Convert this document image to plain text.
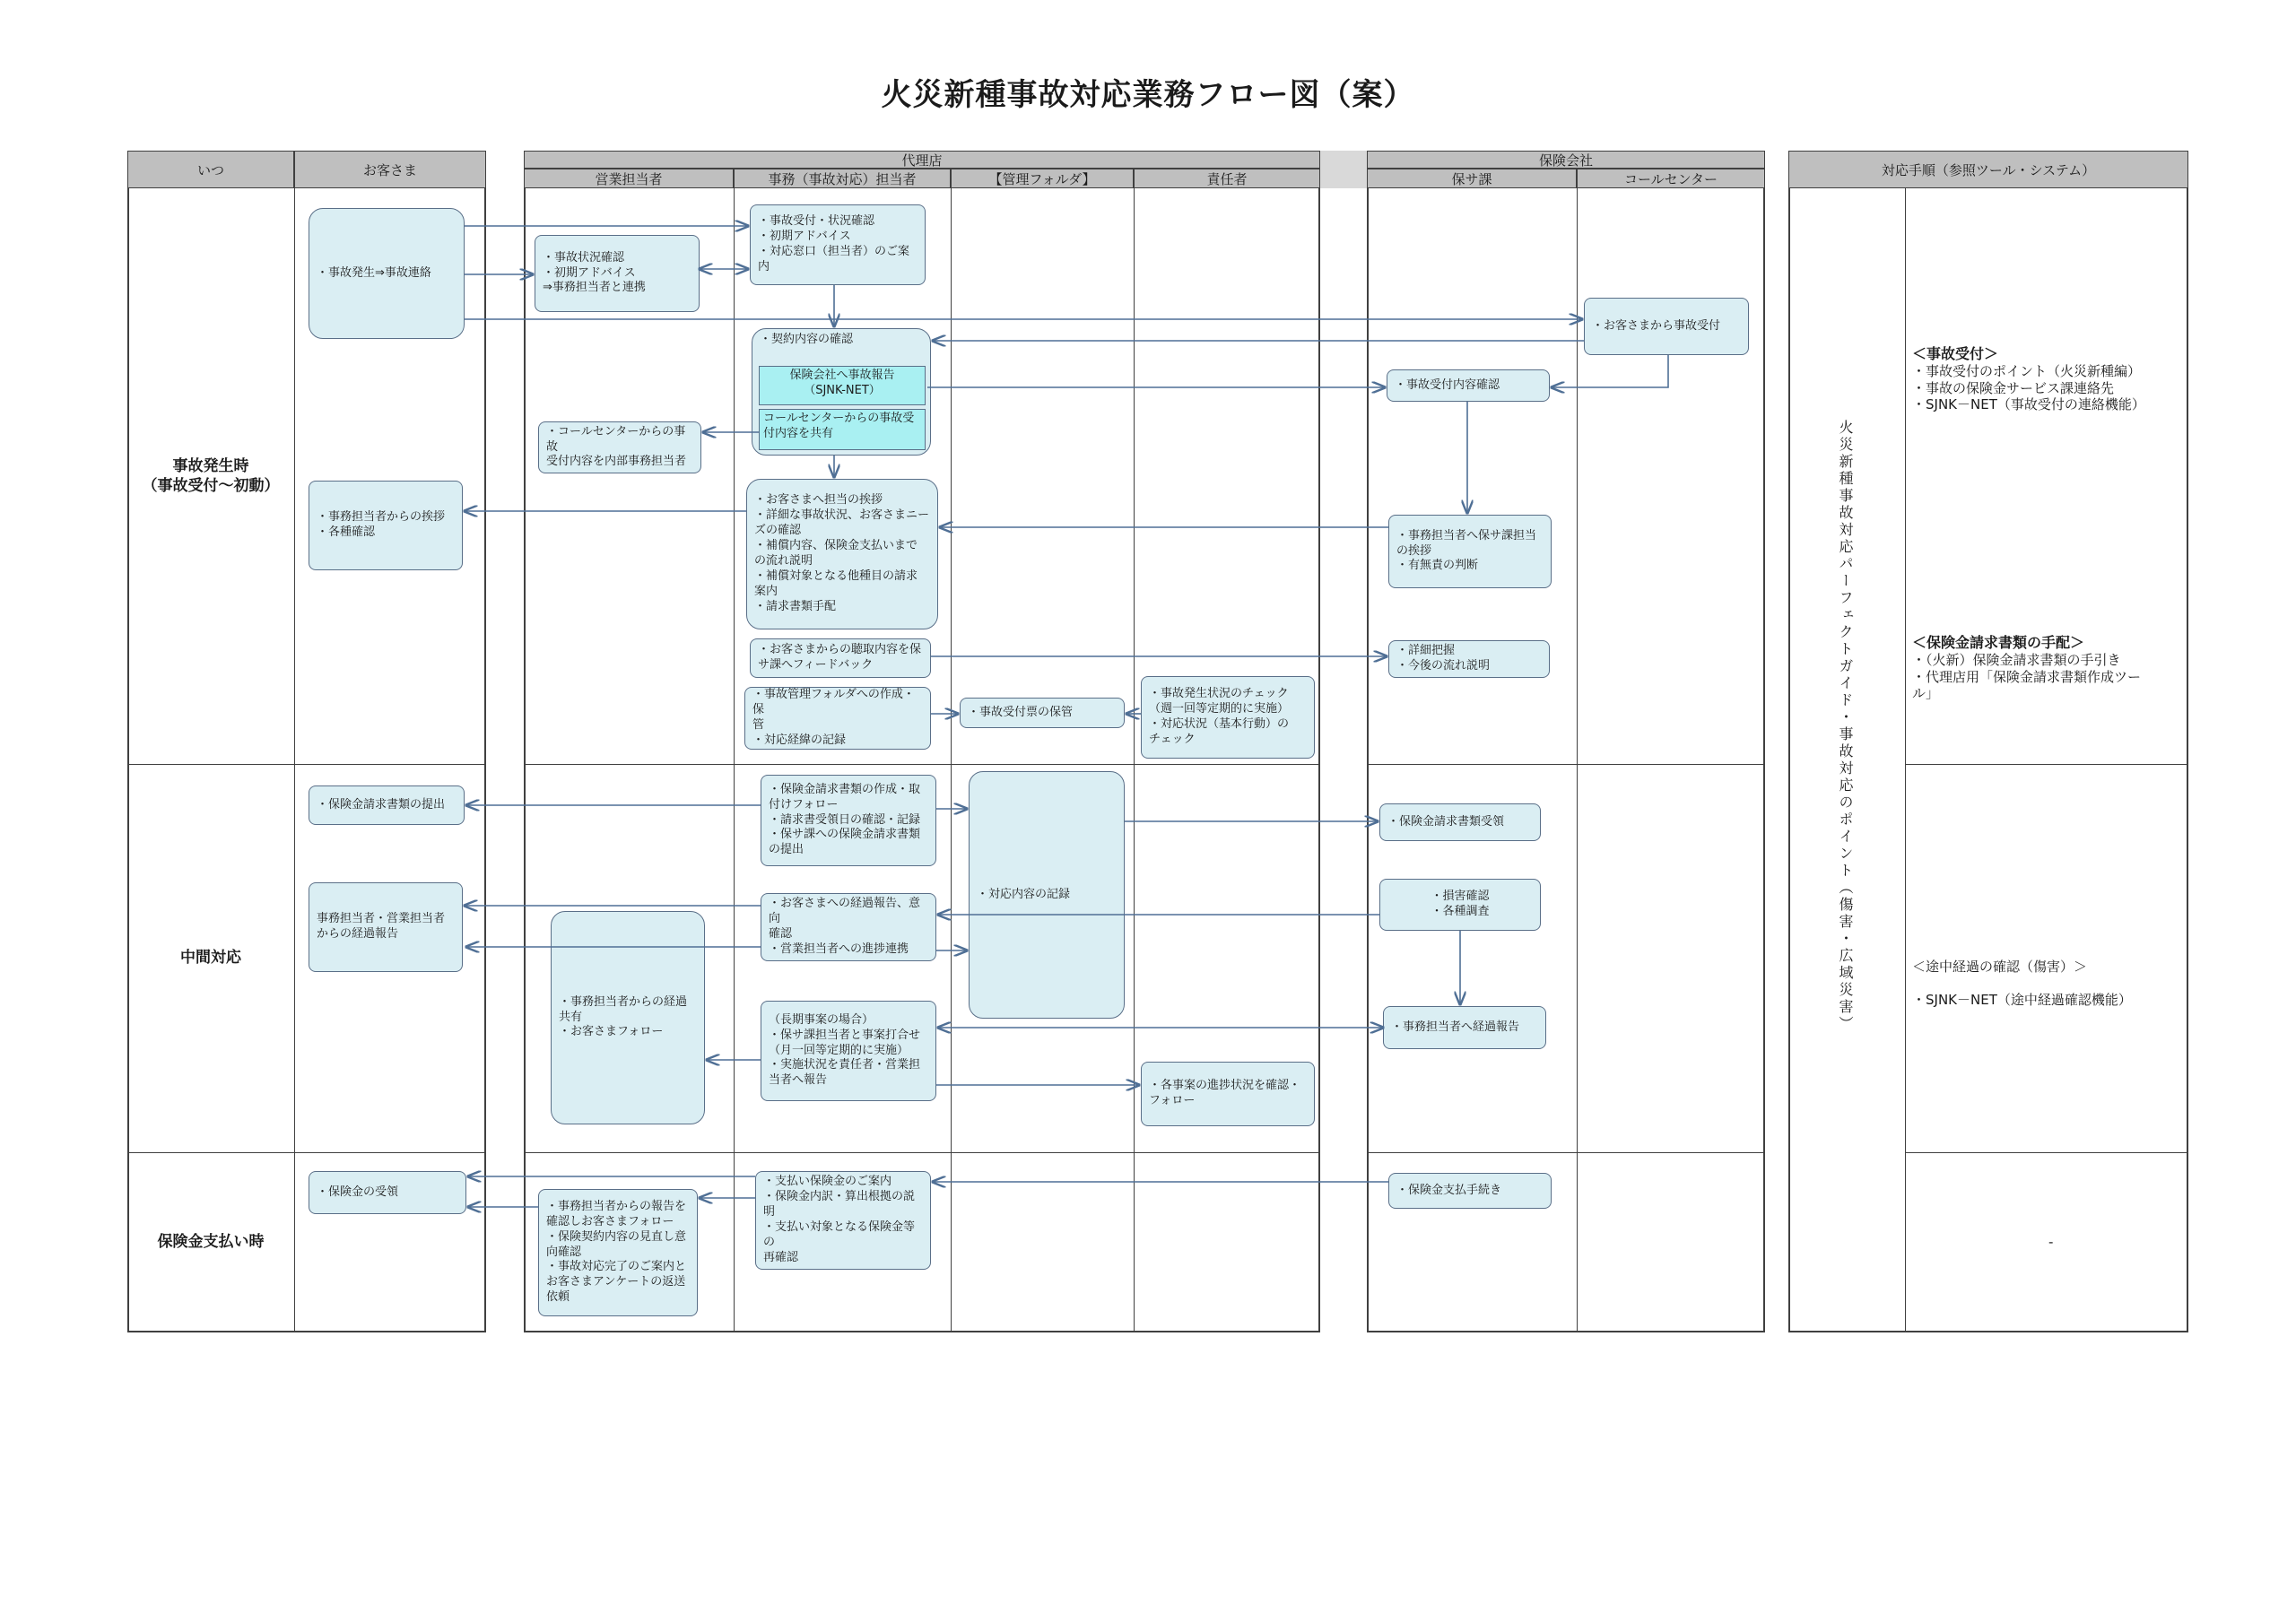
火災新種事故対応業務フロー図（案）
いつ	お客さま
代理店
営業担当者	事務（事故対応）担当者	【管理フォルダ】	責任者
保険会社
保サ課	コールセンター
対応手順（参照ツール・システム）
事故発生時
（事故受付～初動）
中間対応
保険金支払い時
・事故発生⇒事故連絡
・事故状況確認
・初期アドバイス
⇒事務担当者と連携
・事故受付・状況確認
・初期アドバイス
・対応窓口（担当者）のご案内
・お客さまから事故受付
・契約内容の確認
保険会社へ事故報告
（SJNK-NET）
コールセンターからの事故受
付内容を共有
・コールセンターからの事故
受付内容を内部事務担当者
・事故受付内容確認
・事務担当者からの挨拶
・各種確認
・お客さまへ担当の挨拶
・詳細な事故状況、お客さまニー
ズの確認
・補償内容、保険金支払いまで
の流れ説明
・補償対象となる他種目の請求
案内
・請求書類手配
・事務担当者へ保サ課担当
の挨拶
・有無責の判断
・お客さまからの聴取内容を保
サ課へフィードバック
・詳細把握
・今後の流れ説明
・事故管理フォルダへの作成・保
管
・対応経緯の記録
・事故受付票の保管
・事故発生状況のチェック
（週一回等定期的に実施）
・対応状況（基本行動）の
チェック
・保険金請求書類の提出
・保険金請求書類の作成・取
付けフォロー
・請求書受領日の確認・記録
・保サ課への保険金請求書類
の提出
・対応内容の記録
・保険金請求書類受領
事務担当者・営業担当者
からの経過報告
・お客さまへの経過報告、意向
確認
・営業担当者への進捗連携
・損害確認
・各種調査
・事務担当者からの経過
共有
・お客さまフォロー
（長期事案の場合）
・保サ課担当者と事案打合せ
（月一回等定期的に実施）
・実施状況を責任者・営業担
当者へ報告
・事務担当者へ経過報告
・各事案の進捗状況を確認・
フォロー
・保険金の受領
・事務担当者からの報告を
確認しお客さまフォロー
・保険契約内容の見直し意
向確認
・事故対応完了のご案内と
お客さまアンケートの返送
依頼
・支払い保険金のご案内
・保険金内訳・算出根拠の説
明
・支払い対象となる保険金等の
再確認
・保険金支払手続き
火災新種事故対応パーフェクトガイド・事故対応のポイント（傷害・広域災害）

＜事故受付＞

・事故受付のポイント（火災新種編）
・事故の保険金サービス課連絡先
・SJNK－NET（事故受付の連絡機能）

＜保険金請求書類の手配＞

・（火新）保険金請求書類の手引き
・代理店用「保険金請求書類作成ツー
ル」

＜途中経過の確認（傷害）＞

・SJNK－NET（途中経過確認機能）

-
